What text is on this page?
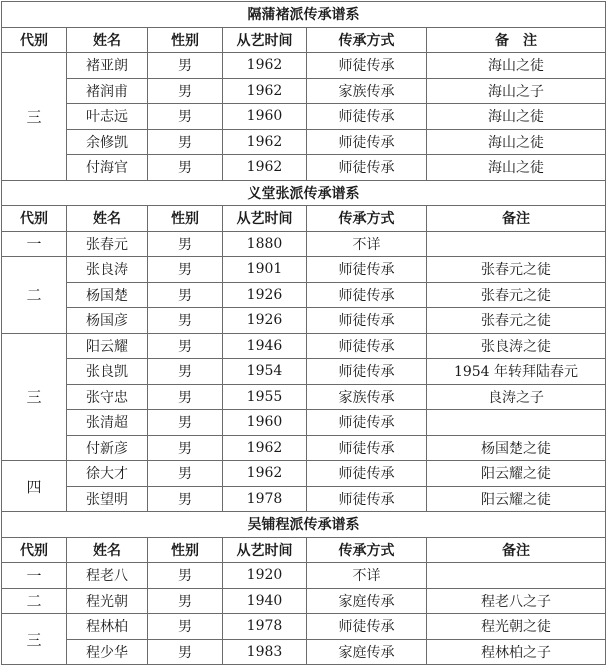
隔蒲褚派传承谱系					
代别	姓名	性别	从艺时间	传承方式	备　注
三	褚亚朗	男	1962	师徒传承	海山之徒
	褚润甫	男	1962	家族传承	海山之子
	叶志远	男	1960	师徒传承	海山之徒
	余修凯	男	1962	师徒传承	海山之徒
	付海官	男	1962	师徒传承	海山之徒
义堂张派传承谱系					
代别	姓名	性别	从艺时间	传承方式	备注
一	张春元	男	1880	不详	
二	张良涛	男	1901	师徒传承	张春元之徒
	杨国楚	男	1926	师徒传承	张春元之徒
	杨国彦	男	1926	师徒传承	张春元之徒
三	阳云耀	男	1946	师徒传承	张良涛之徒
	张良凯	男	1954	师徒传承	1954 年转拜陆春元
	张守忠	男	1955	家族传承	良涛之子
	张清超	男	1960	师徒传承	
	付新彦	男	1962	师徒传承	杨国楚之徒
四	徐大才	男	1962	师徒传承	阳云耀之徒
	张望明	男	1978	师徒传承	阳云耀之徒
吴铺程派传承谱系					
代别	姓名	性别	从艺时间	传承方式	备注
一	程老八	男	1920	不详	
二	程光朝	男	1940	家庭传承	程老八之子
三	程林柏	男	1978	师徒传承	程光朝之徒
	程少华	男	1983	家庭传承	程林柏之子
